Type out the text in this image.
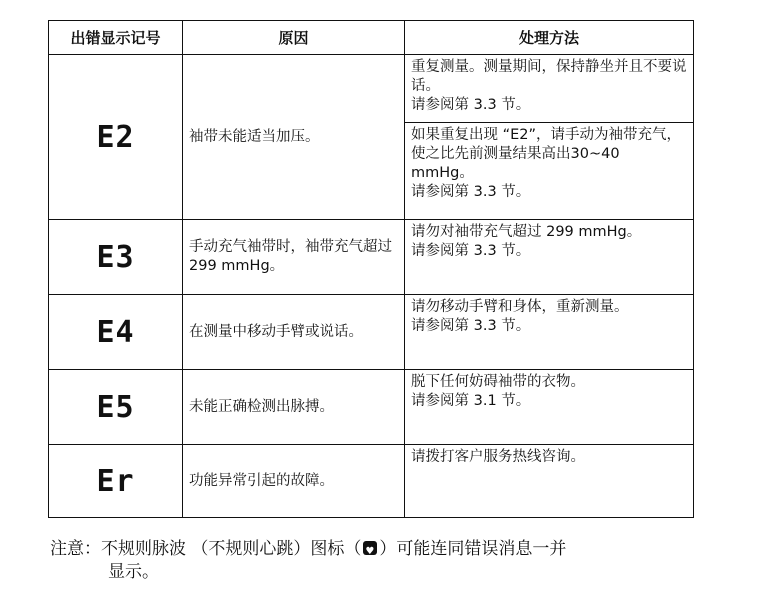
出错显示记号	原因	处理方法
E2	袖带未能适当加压。	重复测量。测量期间，保持静坐并且不要说话。

请参阅第 3.3 节。

		如果重复出现 “E2”，请手动为袖带充气，使之比先前测量结果高出30~40 mmHg。

请参阅第 3.3 节。

E3	手动充气袖带时，袖带充气超过 299 mmHg。	请勿对袖带充气超过 299 mmHg。

请参阅第 3.3 节。

E4	在测量中移动手臂或说话。	请勿移动手臂和身体，重新测量。

请参阅第 3.3 节。

E5	未能正确检测出脉搏。	脱下任何妨碍袖带的衣物。

请参阅第 3.1 节。

Er	功能异常引起的故障。	请拨打客户服务热线咨询。

注意：不规则脉波 （不规则心跳）图标（ ♥ ）可能连同错误消息一并
显示。
